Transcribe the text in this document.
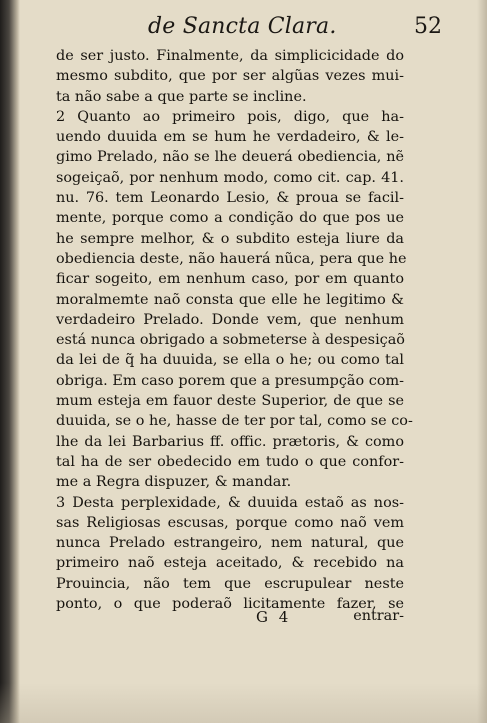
de Sancta Clara.	52
de ser justo. Finalmente, da simplicicidade do
mesmo subdito, que por ser algũas vezes mui-
ta não sabe a que parte se incline.
2 Quanto ao primeiro pois, digo, que ha-
uendo duuida em se hum he verdadeiro, & le-
gimo Prelado, não se lhe deuerá obediencia, nẽ
sogeiçaõ, por nenhum modo, como cit. cap. 41.
nu. 76. tem Leonardo Lesio, & proua se facil-
mente, porque como a condição do que pos ue
he sempre melhor, & o subdito esteja liure da
obediencia deste, não hauerá nũca, pera que he
ficar sogeito, em nenhum caso, por em quanto
moralmemte naõ consta que elle he legitimo &
verdadeiro Prelado. Donde vem, que nenhum
está nunca obrigado a sobmeterse à despesiçaõ
da lei de q̃ ha duuida, se ella o he; ou como tal
obriga. Em caso porem que a presumpção com-
mum esteja em fauor deste Superior, de que se
duuida, se o he, hasse de ter por tal, como se co-
lhe da lei Barbarius ff. offic. prætoris, & como
tal ha de ser obedecido em tudo o que confor-
me a Regra dispuzer, & mandar.
3 Desta perplexidade, & duuida estaõ as nos-
sas Religiosas escusas, porque como naõ vem
nunca Prelado estrangeiro, nem natural, que
primeiro naõ esteja aceitado, & recebido na
Prouincia, não tem que escrupulear neste
ponto, o que poderaõ licitamente fazer, se
G 4	entrar-
